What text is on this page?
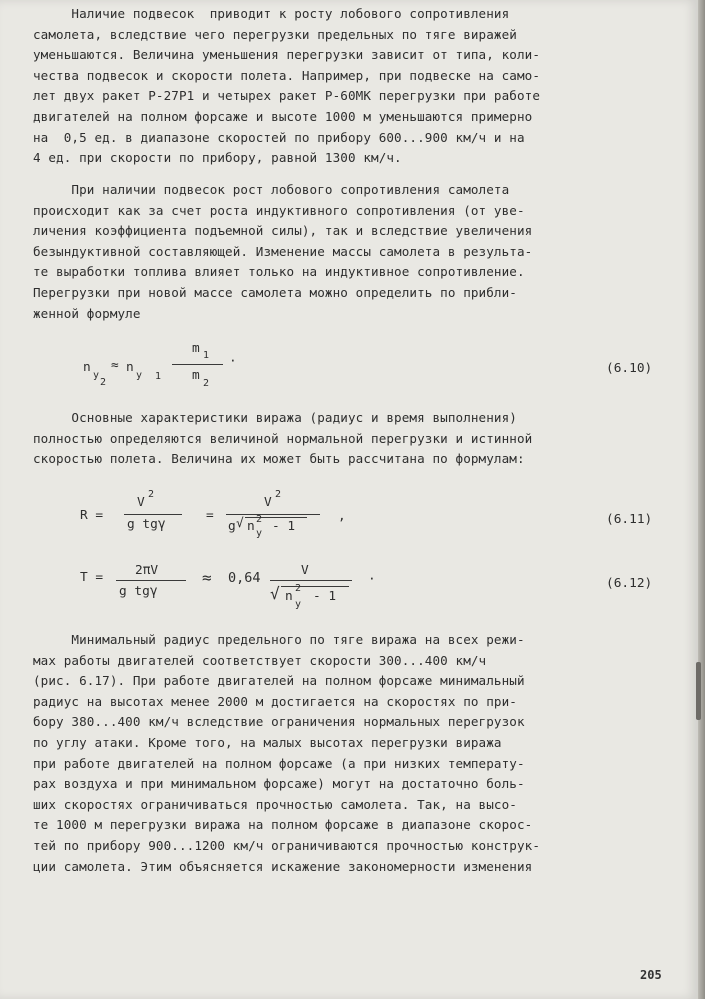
Наличие подвесок  приводит к росту лобового сопротивления
самолета, вследствие чего перегрузки предельных по тяге виражей
уменьшаются. Величина уменьшения перегрузки зависит от типа, коли-
чества подвесок и скорости полета. Например, при подвеске на само-
лет двух ракет Р-27Р1 и четырех ракет Р-60МК перегрузки при работе
двигателей на полном форсаже и высоте 1000 м уменьшаются примерно
на  0,5 ед. в диапазоне скоростей по прибору 600...900 км/ч и на
4 ед. при скорости по прибору, равной 1300 км/ч.
При наличии подвесок рост лобового сопротивления самолета
происходит как за счет роста индуктивного сопротивления (от уве-
личения коэффициента подъемной силы), так и вследствие увеличения
безындуктивной составляющей. Изменение массы самолета в результа-
те выработки топлива влияет только на индуктивное сопротивление.
Перегрузки при новой массе самолета можно определить по прибли-
женной формуле
n
y
2
≈ n
y 1
m 1
m
2
·	(6.10)
Основные характеристики виража (радиус и время выполнения)
полностью определяются величиной нормальной перегрузки и истинной
скоростью полета. Величина их может быть рассчитана по формулам:
R =
V
2
g tgγ
=
V
2
g √ n 2
y - 1
,	(6.11)
T = 2πV
g tgγ
≈ 0,64	V
√ n
2
y
- 1
·	(6.12)
Минимальный радиус предельного по тяге виража на всех режи-
мах работы двигателей соответствует скорости 300...400 км/ч
(рис. 6.17). При работе двигателей на полном форсаже минимальный
радиус на высотах менее 2000 м достигается на скоростях по при-
бору 380...400 км/ч вследствие ограничения нормальных перегрузок
по углу атаки. Кроме того, на малых высотах перегрузки виража
при работе двигателей на полном форсаже (а при низких температу-
рах воздуха и при минимальном форсаже) могут на достаточно боль-
ших скоростях ограничиваться прочностью самолета. Так, на высо-
те 1000 м перегрузки виража на полном форсаже в диапазоне скорос-
тей по прибору 900...1200 км/ч ограничиваются прочностью конструк-
ции самолета. Этим объясняется искажение закономерности изменения
205
